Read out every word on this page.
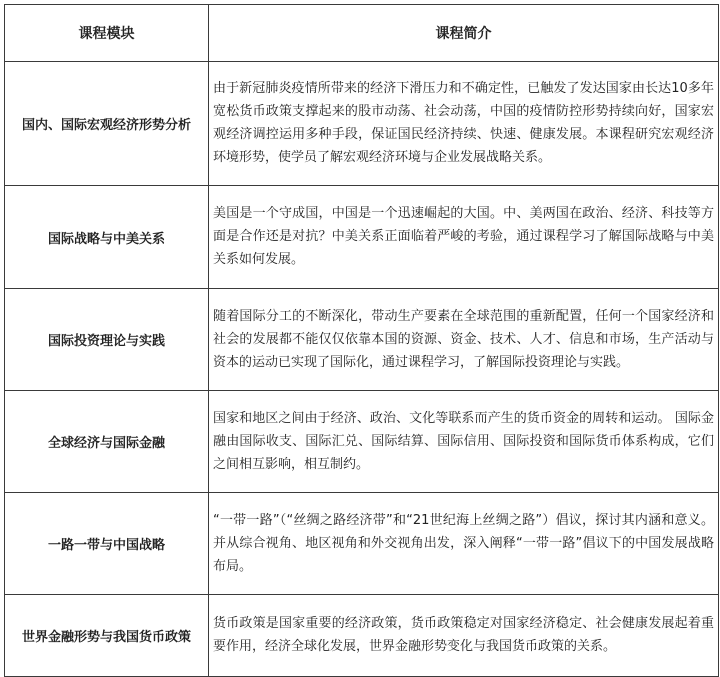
课程模块	课程简介
国内、国际宏观经济形势分析	由于新冠肺炎疫情所带来的经济下滑压力和不确定性，已触发了发达国家由长达10多年宽松货币政策支撑起来的股市动荡、社会动荡，中国的疫情防控形势持续向好，国家宏观经济调控运用多种手段，保证国民经济持续、快速、健康发展。本课程研究宏观经济环境形势，使学员了解宏观经济环境与企业发展战略关系。
国际战略与中美关系	美国是一个守成国，中国是一个迅速崛起的大国。中、美两国在政治、经济、科技等方面是合作还是对抗？中美关系正面临着严峻的考验，通过课程学习了解国际战略与中美关系如何发展。
国际投资理论与实践	随着国际分工的不断深化，带动生产要素在全球范围的重新配置，任何一个国家经济和社会的发展都不能仅仅依靠本国的资源、资金、技术、人才、信息和市场，生产活动与资本的运动已实现了国际化，通过课程学习，了解国际投资理论与实践。
全球经济与国际金融	国家和地区之间由于经济、政治、文化等联系而产生的货币资金的周转和运动。 国际金融由国际收支、国际汇兑、国际结算、国际信用、国际投资和国际货币体系构成，它们之间相互影响，相互制约。
一路一带与中国战略	“一带一路”（“丝绸之路经济带”和“21世纪海上丝绸之路”）倡议，探讨其内涵和意义。并从综合视角、地区视角和外交视角出发，深入阐释“一带一路”倡议下的中国发展战略布局。
世界金融形势与我国货币政策	货币政策是国家重要的经济政策，货币政策稳定对国家经济稳定、社会健康发展起着重要作用，经济全球化发展，世界金融形势变化与我国货币政策的关系。
